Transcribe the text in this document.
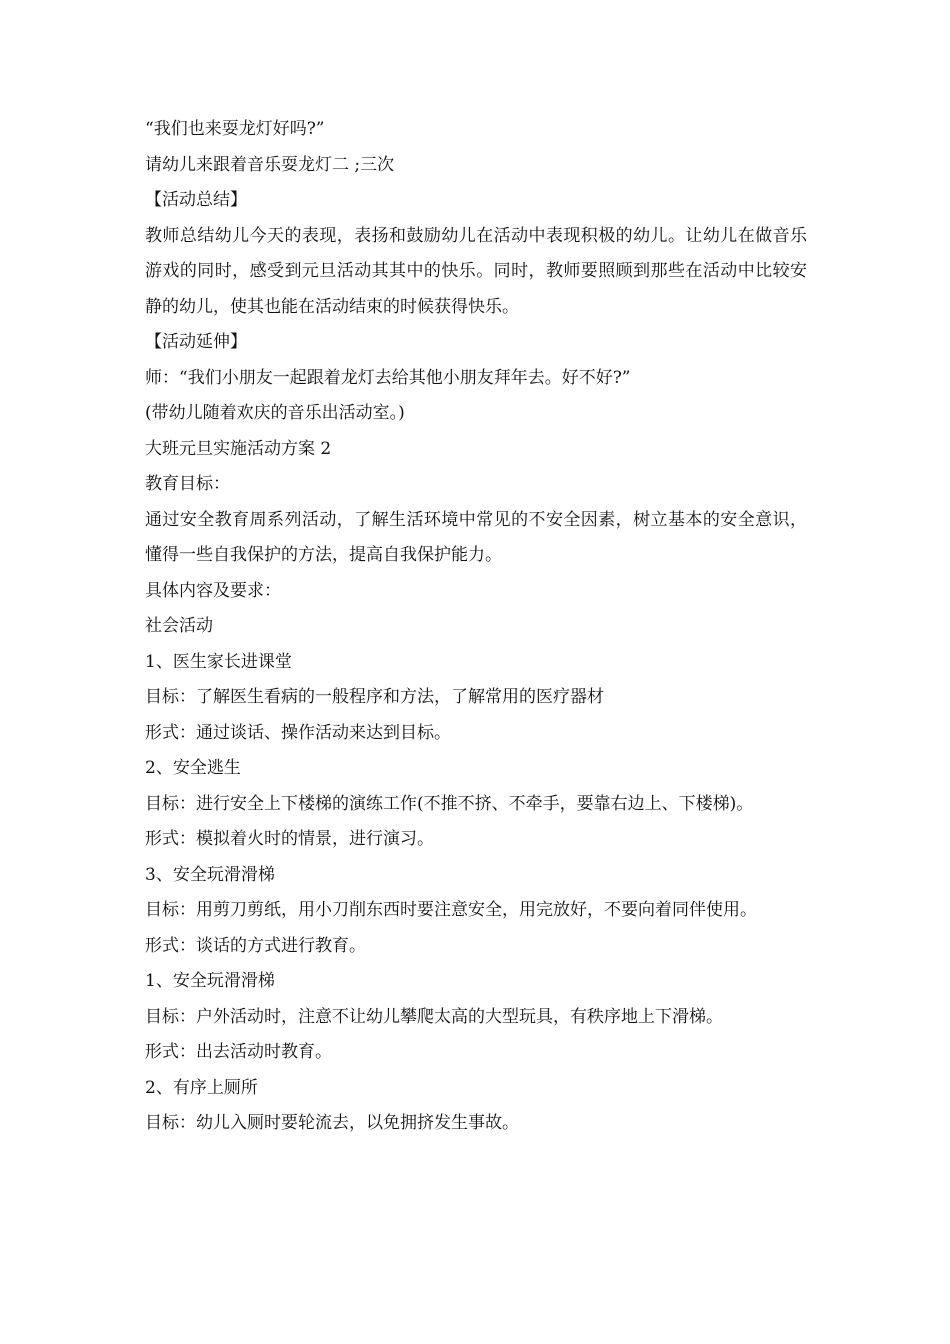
“我们也来耍龙灯好吗?”

请幼儿来跟着音乐耍龙灯二 ;三次

【活动总结】

教师总结幼儿今天的表现，表扬和鼓励幼儿在活动中表现积极的幼儿。让幼儿在做音乐游戏的同时，感受到元旦活动其其中的快乐。同时，教师要照顾到那些在活动中比较安静的幼儿，使其也能在活动结束的时候获得快乐。

【活动延伸】

师：“我们小朋友一起跟着龙灯去给其他小朋友拜年去。好不好?”

(带幼儿随着欢庆的音乐出活动室。)

大班元旦实施活动方案 2

教育目标：

通过安全教育周系列活动，了解生活环境中常见的不安全因素，树立基本的安全意识，懂得一些自我保护的方法，提高自我保护能力。

具体内容及要求：

社会活动

1、医生家长进课堂

目标：了解医生看病的一般程序和方法，了解常用的医疗器材

形式：通过谈话、操作活动来达到目标。

2、安全逃生

目标：进行安全上下楼梯的演练工作(不推不挤、不牵手，要靠右边上、下楼梯)。

形式：模拟着火时的情景，进行演习。

3、安全玩滑滑梯

目标：用剪刀剪纸，用小刀削东西时要注意安全，用完放好，不要向着同伴使用。

形式：谈话的方式进行教育。

1、安全玩滑滑梯

目标：户外活动时，注意不让幼儿攀爬太高的大型玩具，有秩序地上下滑梯。

形式：出去活动时教育。

2、有序上厕所

目标：幼儿入厕时要轮流去，以免拥挤发生事故。
